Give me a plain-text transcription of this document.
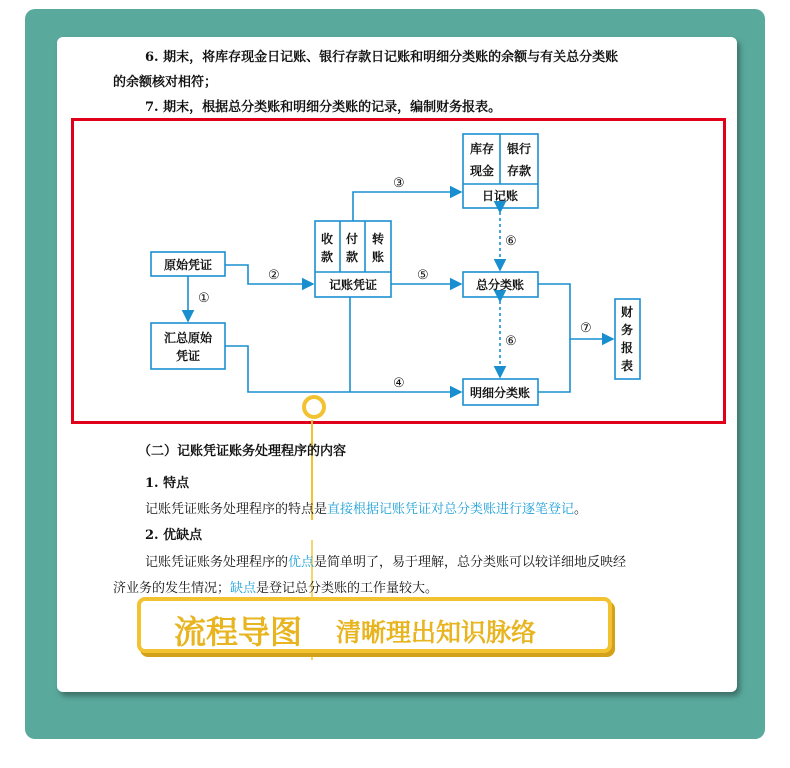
6. 期末，将库存现金日记账、银行存款日记账和明细分类账的余额与有关总分类账
的余额核对相符；
7. 期末，根据总分类账和明细分类账的记录，编制财务报表。
原始凭证
汇总原始
凭证
收
款
付
款
转
账
记账凭证
库存
现金
银行
存款
日记账
总分类账
明细分类账
财
务
报
表
①
②
③
④
⑤
⑥
⑥
⑦
（二）记账凭证账务处理程序的内容
1. 特点
记账凭证账务处理程序的特点是直接根据记账凭证对总分类账进行逐笔登记。
2. 优缺点
记账凭证账务处理程序的优点是简单明了，易于理解，总分类账可以较详细地反映经
济业务的发生情况；缺点是登记总分类账的工作量较大。
流程导图 清晰理出知识脉络
